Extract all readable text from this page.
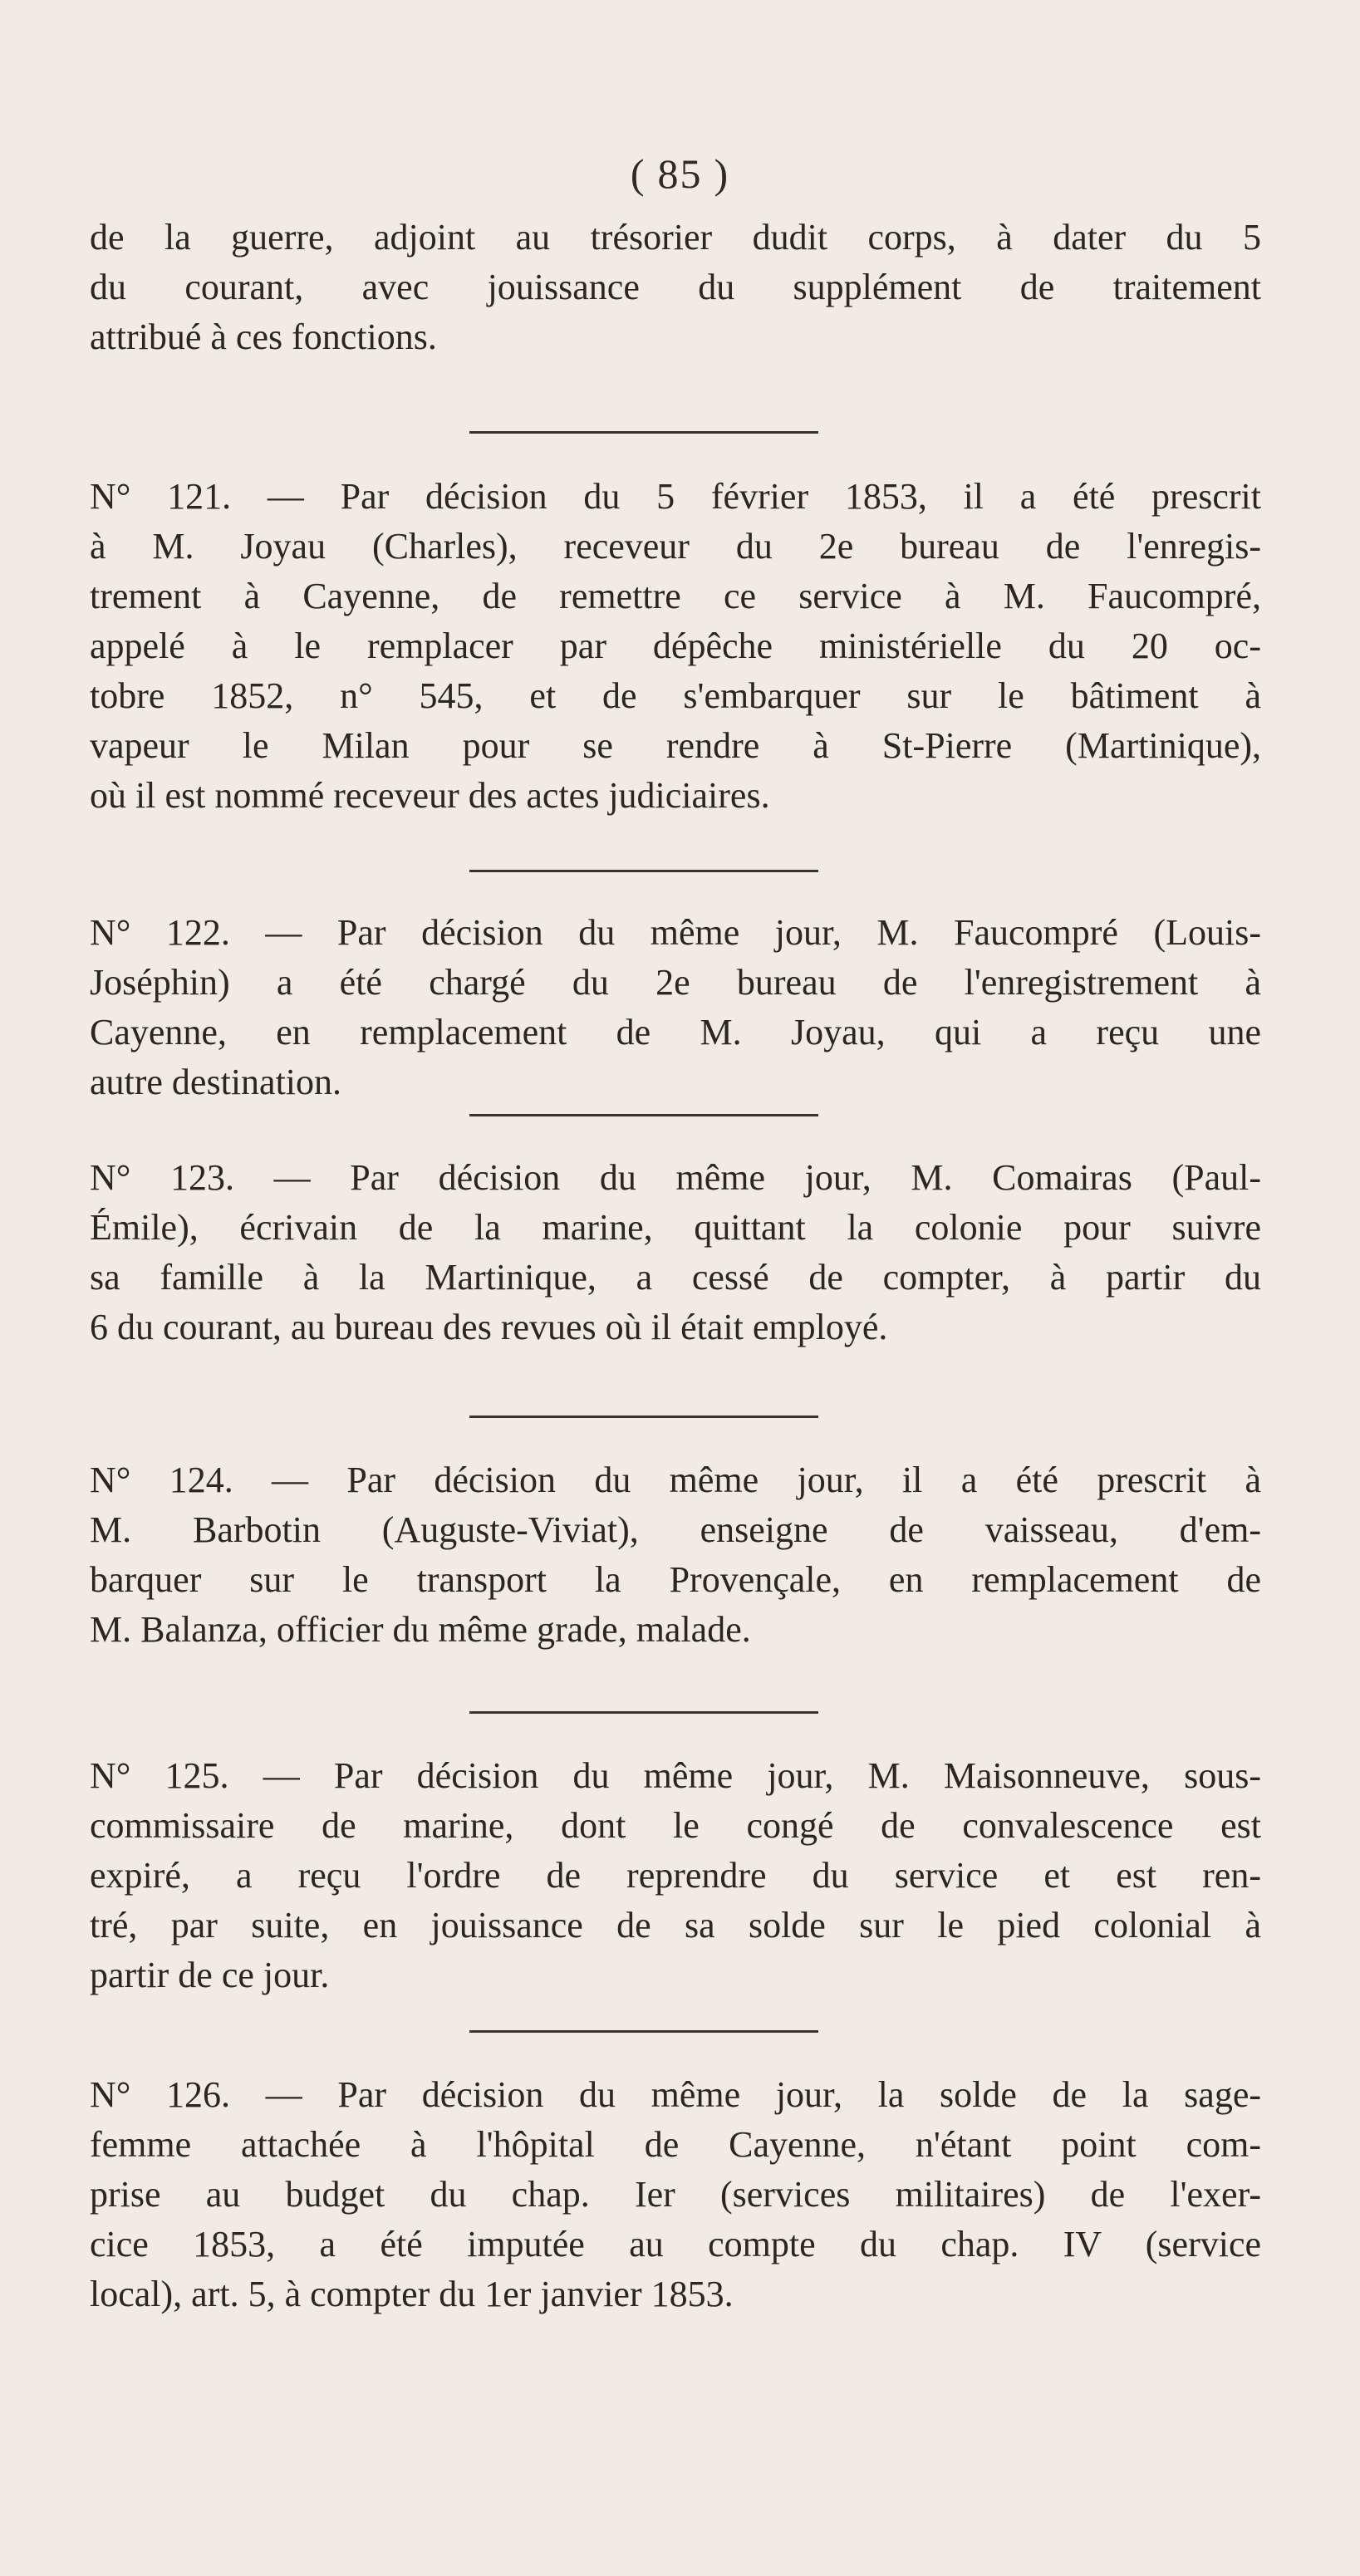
( 85 )
de la guerre, adjoint au trésorier dudit corps, à dater du 5
du courant, avec jouissance du supplément de traitement
attribué à ces fonctions.
N° 121. — Par décision du 5 février 1853, il a été prescrit
à M. Joyau (Charles), receveur du 2e bureau de l'enregis-
trement à Cayenne, de remettre ce service à M. Faucompré,
appelé à le remplacer par dépêche ministérielle du 20 oc-
tobre 1852, n° 545, et de s'embarquer sur le bâtiment à
vapeur le Milan pour se rendre à St-Pierre (Martinique),
où il est nommé receveur des actes judiciaires.
N° 122. — Par décision du même jour, M. Faucompré (Louis-
Joséphin) a été chargé du 2e bureau de l'enregistrement à
Cayenne, en remplacement de M. Joyau, qui a reçu une
autre destination.
N° 123. — Par décision du même jour, M. Comairas (Paul-
Émile), écrivain de la marine, quittant la colonie pour suivre
sa famille à la Martinique, a cessé de compter, à partir du
6 du courant, au bureau des revues où il était employé.
N° 124. — Par décision du même jour, il a été prescrit à
M. Barbotin (Auguste-Viviat), enseigne de vaisseau, d'em-
barquer sur le transport la Provençale, en remplacement de
M. Balanza, officier du même grade, malade.
N° 125. — Par décision du même jour, M. Maisonneuve, sous-
commissaire de marine, dont le congé de convalescence est
expiré, a reçu l'ordre de reprendre du service et est ren-
tré, par suite, en jouissance de sa solde sur le pied colonial à
partir de ce jour.
N° 126. — Par décision du même jour, la solde de la sage-
femme attachée à l'hôpital de Cayenne, n'étant point com-
prise au budget du chap. Ier (services militaires) de l'exer-
cice 1853, a été imputée au compte du chap. IV (service
local), art. 5, à compter du 1er janvier 1853.
